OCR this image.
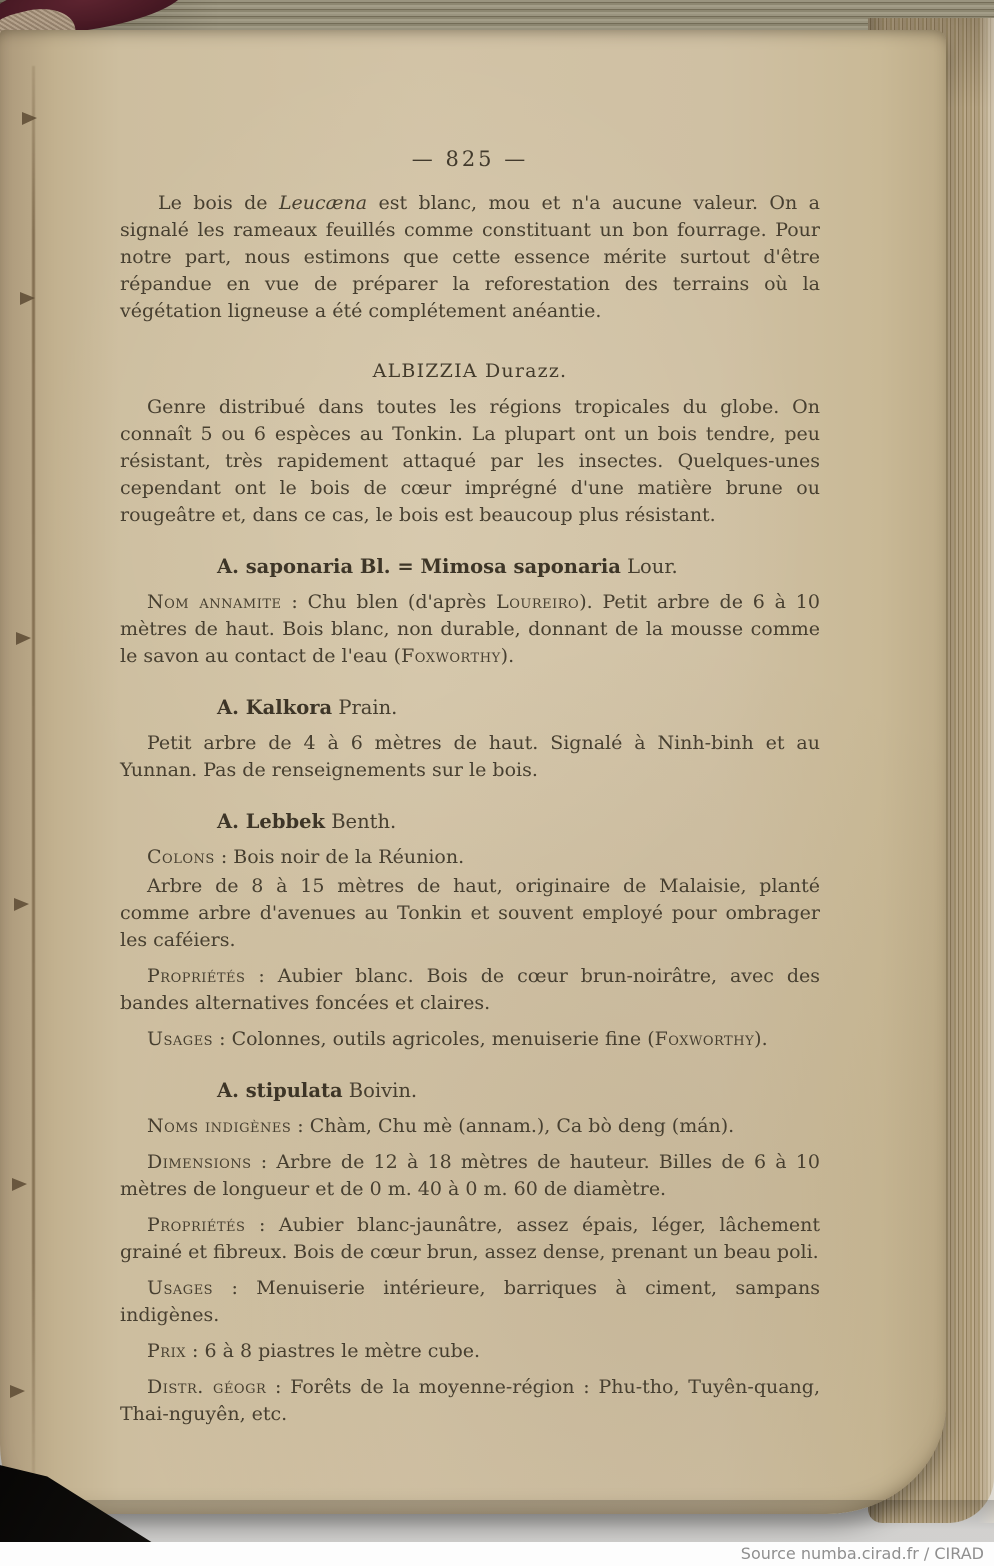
— 825 —

Le bois de Leucæna est blanc, mou et n'a aucune valeur. On a signalé les rameaux feuillés comme constituant un bon fourrage. Pour notre part, nous estimons que cette essence mérite surtout d'être répandue en vue de préparer la reforestation des terrains où la végétation ligneuse a été complétement anéantie.

ALBIZZIA Durazz.

Genre distribué dans toutes les régions tropicales du globe. On connaît 5 ou 6 espèces au Tonkin. La plupart ont un bois tendre, peu résistant, très rapidement attaqué par les insectes. Quelques-unes cependant ont le bois de cœur imprégné d'une matière brune ou rougeâtre et, dans ce cas, le bois est beaucoup plus résistant.

A. saponaria Bl. = Mimosa saponaria Lour.

Nom annamite : Chu blen (d'après Loureiro). Petit arbre de 6 à 10 mètres de haut. Bois blanc, non durable, donnant de la mousse comme le savon au contact de l'eau (Foxworthy).

A. Kalkora Prain.

Petit arbre de 4 à 6 mètres de haut. Signalé à Ninh-binh et au Yunnan. Pas de renseignements sur le bois.

A. Lebbek Benth.

Colons : Bois noir de la Réunion.

Arbre de 8 à 15 mètres de haut, originaire de Malaisie, planté comme arbre d'avenues au Tonkin et souvent employé pour ombrager les caféiers.

Propriétés : Aubier blanc. Bois de cœur brun-noirâtre, avec des bandes alternatives foncées et claires.

Usages : Colonnes, outils agricoles, menuiserie fine (Foxworthy).

A. stipulata Boivin.

Noms indigènes : Chàm, Chu mè (annam.), Ca bò deng (mán).

Dimensions : Arbre de 12 à 18 mètres de hauteur. Billes de 6 à 10 mètres de longueur et de 0 m. 40 à 0 m. 60 de diamètre.

Propriétés : Aubier blanc-jaunâtre, assez épais, léger, lâchement grainé et fibreux. Bois de cœur brun, assez dense, prenant un beau poli.

Usages : Menuiserie intérieure, barriques à ciment, sampans indigènes.

Prix : 6 à 8 piastres le mètre cube.

Distr. géogr : Forêts de la moyenne-région : Phu-tho, Tuyên-quang, Thai-nguyên, etc.

Source numba.cirad.fr / CIRAD
